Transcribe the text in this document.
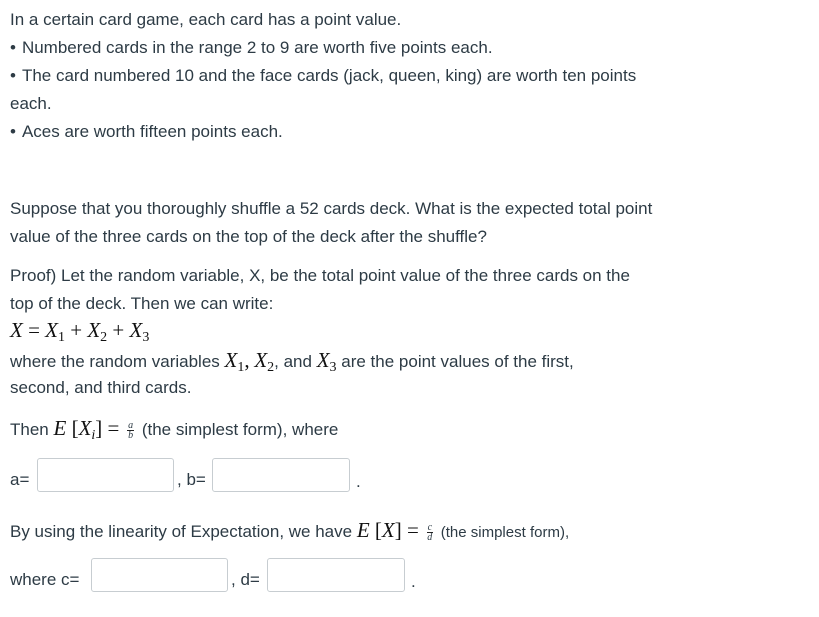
In a certain card game, each card has a point value.
• Numbered cards in the range 2 to 9 are worth five points each.
• The card numbered 10 and the face cards (jack, queen, king) are worth ten points
each.
• Aces are worth fifteen points each.
Suppose that you thoroughly shuffle a 52 cards deck. What is the expected total point
value of the three cards on the top of the deck after the shuffle?
Proof) Let the random variable, X, be the total point value of the three cards on the
top of the deck. Then we can write:
$X = X_1 + X_2 + X_3$
where the random variables $X_1$, $X_2$, and $X_3$ are the point values of the first,
second, and third cards.
Then E $[X_i] = \frac{a}{b} (the$ simplest form), where
a=	, b=	.
By using the linearity of Expectation, we have E $[X] = \frac{c}{d} (the$ simplest form),
where c=	, d=	.
